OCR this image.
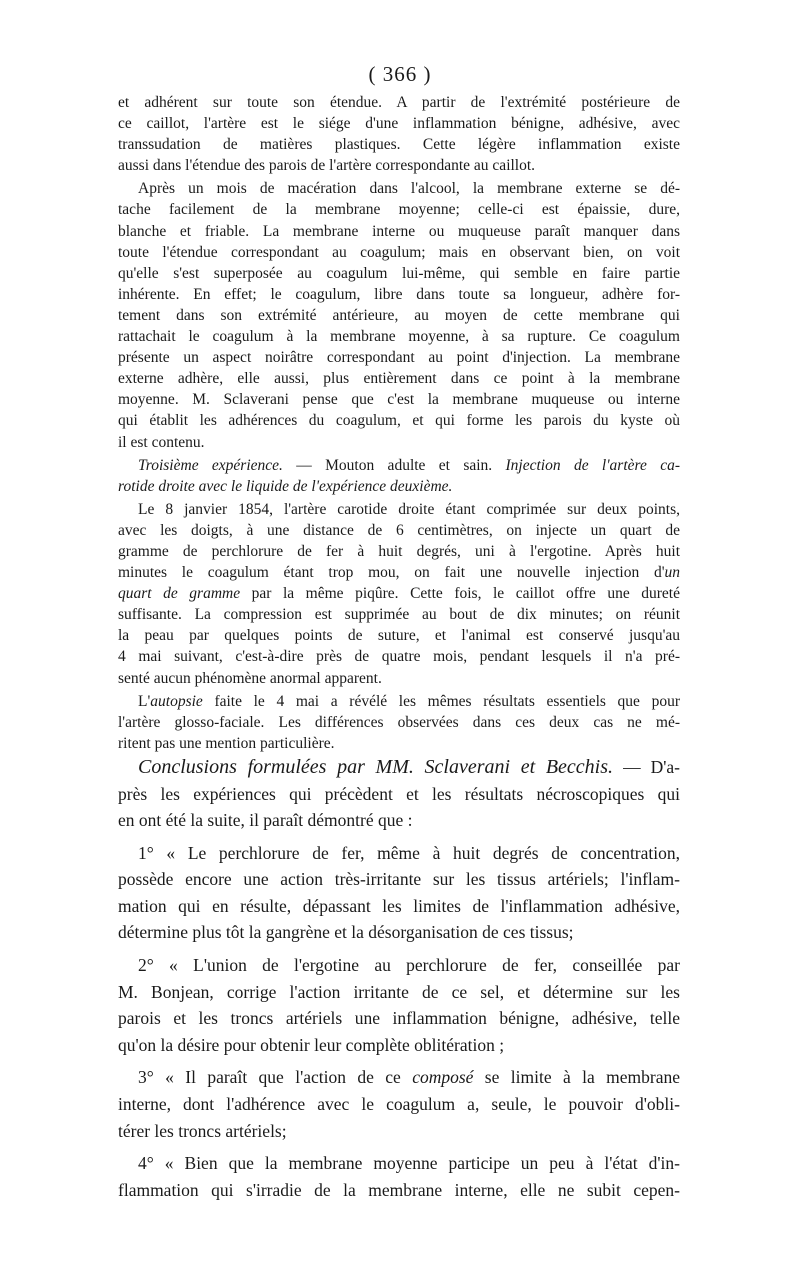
( 366 )

et adhérent sur toute son étendue. A partir de l'extrémité postérieure de
ce caillot, l'artère est le siége d'une inflammation bénigne, adhésive, avec
transsudation de matières plastiques. Cette légère inflammation existe
aussi dans l'étendue des parois de l'artère correspondante au caillot.

Après un mois de macération dans l'alcool, la membrane externe se dé-
tache facilement de la membrane moyenne; celle-ci est épaissie, dure,
blanche et friable. La membrane interne ou muqueuse paraît manquer dans
toute l'étendue correspondant au coagulum; mais en observant bien, on voit
qu'elle s'est superposée au coagulum lui-même, qui semble en faire partie
inhérente. En effet; le coagulum, libre dans toute sa longueur, adhère for-
tement dans son extrémité antérieure, au moyen de cette membrane qui
rattachait le coagulum à la membrane moyenne, à sa rupture. Ce coagulum
présente un aspect noirâtre correspondant au point d'injection. La membrane
externe adhère, elle aussi, plus entièrement dans ce point à la membrane
moyenne. M. Sclaverani pense que c'est la membrane muqueuse ou interne
qui établit les adhérences du coagulum, et qui forme les parois du kyste où
il est contenu.

Troisième expérience. — Mouton adulte et sain. Injection de l'artère ca-
rotide droite avec le liquide de l'expérience deuxième.

Le 8 janvier 1854, l'artère carotide droite étant comprimée sur deux points,
avec les doigts, à une distance de 6 centimètres, on injecte un quart de
gramme de perchlorure de fer à huit degrés, uni à l'ergotine. Après huit
minutes le coagulum étant trop mou, on fait une nouvelle injection d'un
quart de gramme par la même piqûre. Cette fois, le caillot offre une dureté
suffisante. La compression est supprimée au bout de dix minutes; on réunit
la peau par quelques points de suture, et l'animal est conservé jusqu'au
4 mai suivant, c'est-à-dire près de quatre mois, pendant lesquels il n'a pré-
senté aucun phénomène anormal apparent.

L'autopsie faite le 4 mai a révélé les mêmes résultats essentiels que pour
l'artère glosso-faciale. Les différences observées dans ces deux cas ne mé-
ritent pas une mention particulière.

Conclusions formulées par MM. Sclaverani et Becchis. — D'a-
près les expériences qui précèdent et les résultats nécroscopiques qui
en ont été la suite, il paraît démontré que :

1° « Le perchlorure de fer, même à huit degrés de concentration,
possède encore une action très-irritante sur les tissus artériels; l'inflam-
mation qui en résulte, dépassant les limites de l'inflammation adhésive,
détermine plus tôt la gangrène et la désorganisation de ces tissus;

2° « L'union de l'ergotine au perchlorure de fer, conseillée par
M. Bonjean, corrige l'action irritante de ce sel, et détermine sur les
parois et les troncs artériels une inflammation bénigne, adhésive, telle
qu'on la désire pour obtenir leur complète oblitération ;

3° « Il paraît que l'action de ce composé se limite à la membrane
interne, dont l'adhérence avec le coagulum a, seule, le pouvoir d'obli-
térer les troncs artériels;

4° « Bien que la membrane moyenne participe un peu à l'état d'in-
flammation qui s'irradie de la membrane interne, elle ne subit cepen-
